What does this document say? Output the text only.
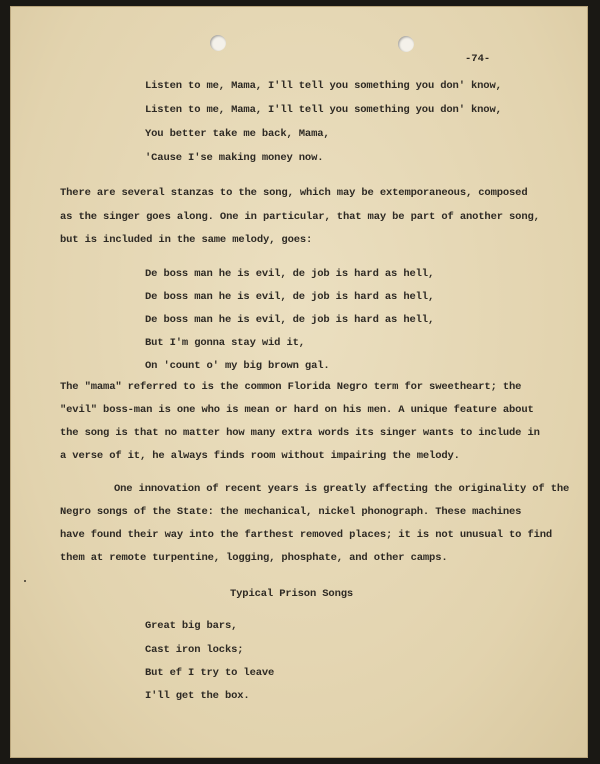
-74-
Listen to me, Mama, I'll tell you something you don' know,
Listen to me, Mama, I'll tell you something you don' know,
You better take me back, Mama,
'Cause I'se making money now.
There are several stanzas to the song, which may be extemporaneous, composed
as the singer goes along. One in particular, that may be part of another song,
but is included in the same melody, goes:
De boss man he is evil, de job is hard as hell,
De boss man he is evil, de job is hard as hell,
De boss man he is evil, de job is hard as hell,
But I'm gonna stay wid it,
On 'count o' my big brown gal.
The "mama" referred to is the common Florida Negro term for sweetheart; the
"evil" boss-man is one who is mean or hard on his men. A unique feature about
the song is that no matter how many extra words its singer wants to include in
a verse of it, he always finds room without impairing the melody.
One innovation of recent years is greatly affecting the originality of the
Negro songs of the State: the mechanical, nickel phonograph. These machines
have found their way into the farthest removed places; it is not unusual to find
them at remote turpentine, logging, phosphate, and other camps.
Typical Prison Songs
Great big bars,
Cast iron locks;
But ef I try to leave
I'll get the box.
